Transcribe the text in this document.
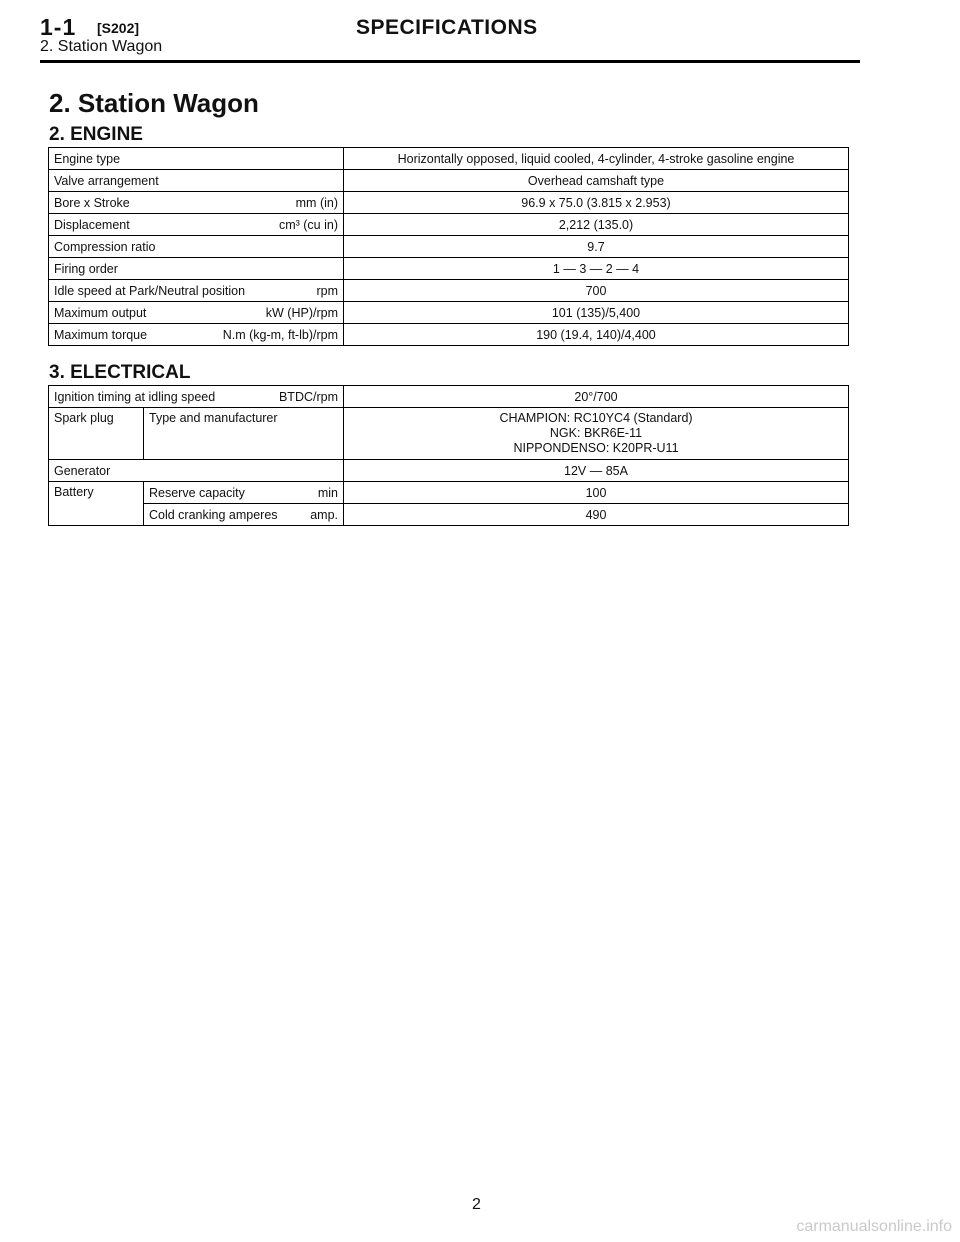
1-1 [S202]	SPECIFICATIONS
2. Station Wagon
2. Station Wagon
2. ENGINE
Engine type	Horizontally opposed, liquid cooled, 4-cylinder, 4-stroke gasoline engine

Valve arrangement	Overhead camshaft type

Bore x Stroke mm (in)	96.9 x 75.0 (3.815 x 2.953)

Displacement cm³ (cu in)	2,212 (135.0)

Compression ratio	9.7

Firing order	1 — 3 — 2 — 4

Idle speed at Park/Neutral position rpm	700

Maximum output kW (HP)/rpm	101 (135)/5,400

Maximum torque N.m (kg-m, ft-lb)/rpm	190 (19.4, 140)/4,400
3. ELECTRICAL
Ignition timing at idling speed BTDC/rpm		20°/700
Spark plug	Type and manufacturer	CHAMPION: RC10YC4 (Standard)
NGK: BKR6E-11
NIPPONDENSO: K20PR-U11

Generator		12V — 85A
Battery	Reserve capacity min	100

	Cold cranking amperes amp.	490
2
carmanualsonline.info
